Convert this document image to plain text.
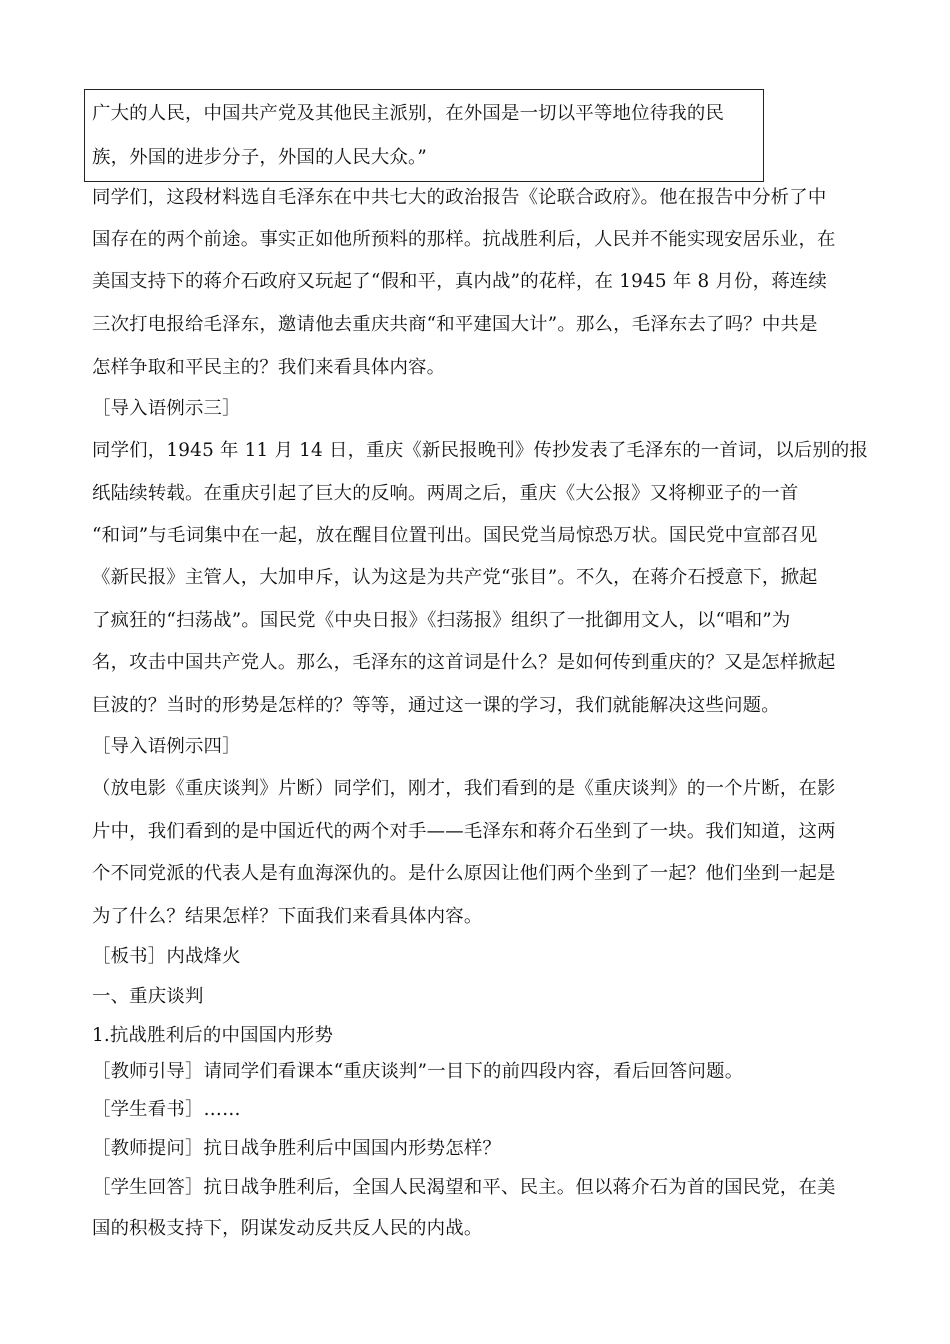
广大的人民，中国共产党及其他民主派别，在外国是一切以平等地位待我的民
族，外国的进步分子，外国的人民大众。”
同学们，这段材料选自毛泽东在中共七大的政治报告《论联合政府》。他在报告中分析了中
国存在的两个前途。事实正如他所预料的那样。抗战胜利后，人民并不能实现安居乐业，在
美国支持下的蒋介石政府又玩起了“假和平，真内战”的花样，在 1945 年 8 月份，蒋连续
三次打电报给毛泽东，邀请他去重庆共商“和平建国大计”。那么，毛泽东去了吗？中共是
怎样争取和平民主的？我们来看具体内容。
［导入语例示三］
同学们，1945 年 11 月 14 日，重庆《新民报晚刊》传抄发表了毛泽东的一首词，以后别的报
纸陆续转载。在重庆引起了巨大的反响。两周之后，重庆《大公报》又将柳亚子的一首
“和词”与毛词集中在一起，放在醒目位置刊出。国民党当局惊恐万状。国民党中宣部召见
《新民报》主管人，大加申斥，认为这是为共产党“张目”。不久，在蒋介石授意下，掀起
了疯狂的“扫荡战”。国民党《中央日报》《扫荡报》组织了一批御用文人，以“唱和”为
名，攻击中国共产党人。那么，毛泽东的这首词是什么？是如何传到重庆的？又是怎样掀起
巨波的？当时的形势是怎样的？等等，通过这一课的学习，我们就能解决这些问题。
［导入语例示四］
（放电影《重庆谈判》片断）同学们，刚才，我们看到的是《重庆谈判》的一个片断，在影
片中，我们看到的是中国近代的两个对手——毛泽东和蒋介石坐到了一块。我们知道，这两
个不同党派的代表人是有血海深仇的。是什么原因让他们两个坐到了一起？他们坐到一起是
为了什么？结果怎样？下面我们来看具体内容。
［板书］内战烽火
一、重庆谈判
1.抗战胜利后的中国国内形势
［教师引导］请同学们看课本“重庆谈判”一目下的前四段内容，看后回答问题。
［学生看书］……
［教师提问］抗日战争胜利后中国国内形势怎样？
［学生回答］抗日战争胜利后，全国人民渴望和平、民主。但以蒋介石为首的国民党，在美
国的积极支持下，阴谋发动反共反人民的内战。
